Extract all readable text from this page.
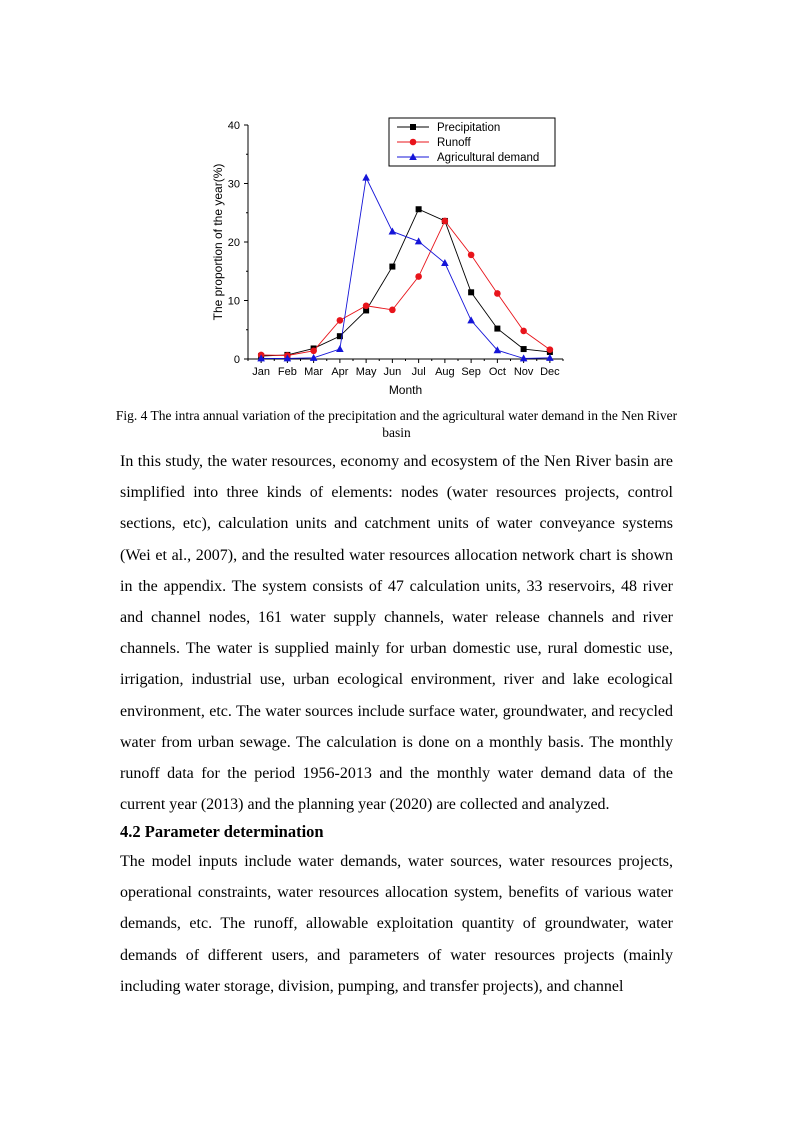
0
10
20
30
40
Jan Feb Mar Apr May Jun Jul Aug Sep Oct Nov Dec
Month
The proportion of the year(%)
Precipitation
Runoff
Agricultural demand
Fig. 4 The intra annual variation of the precipitation and the agricultural water demand in the Nen River basin

In this study, the water resources, economy and ecosystem of the Nen River basin are simplified into three kinds of elements: nodes (water resources projects, control sections, etc), calculation units and catchment units of water conveyance systems (Wei et al., 2007), and the resulted water resources allocation network chart is shown in the appendix. The system consists of 47 calculation units, 33 reservoirs, 48 river and channel nodes, 161 water supply channels, water release channels and river channels. The water is supplied mainly for urban domestic use, rural domestic use, irrigation, industrial use, urban ecological environment, river and lake ecological environment, etc. The water sources include surface water, groundwater, and recycled water from urban sewage. The calculation is done on a monthly basis. The monthly runoff data for the period 1956-2013 and the monthly water demand data of the current year (2013) and the planning year (2020) are collected and analyzed.

4.2 Parameter determination

The model inputs include water demands, water sources, water resources projects, operational constraints, water resources allocation system, benefits of various water demands, etc. The runoff, allowable exploitation quantity of groundwater, water demands of different users, and parameters of water resources projects (mainly including water storage, division, pumping, and transfer projects), and channel
